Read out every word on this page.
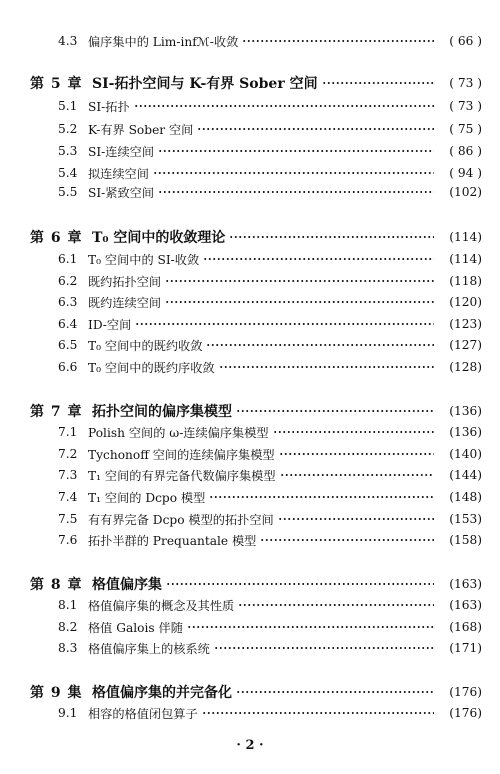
4.3 偏序集中的 Lim-infℳ-收敛	( 66 )
第 5 章 SI-拓扑空间与 K-有界 Sober 空间	( 73 )
5.1 SI-拓扑	( 73 )
5.2 K-有界 Sober 空间	( 75 )
5.3 SI-连续空间	( 86 )
5.4 拟连续空间	( 94 )
5.5 SI-紧致空间	(102)
第 6 章 T₀ 空间中的收敛理论	(114)
6.1 T₀ 空间中的 SI-收敛	(114)
6.2 既约拓扑空间	(118)
6.3 既约连续空间	(120)
6.4 ID-空间	(123)
6.5 T₀ 空间中的既约收敛	(127)
6.6 T₀ 空间中的既约序收敛	(128)
第 7 章 拓扑空间的偏序集模型	(136)
7.1 Polish 空间的 ω-连续偏序集模型	(136)
7.2 Tychonoff 空间的连续偏序集模型	(140)
7.3 T₁ 空间的有界完备代数偏序集模型	(144)
7.4 T₁ 空间的 Dcpo 模型	(148)
7.5 有有界完备 Dcpo 模型的拓扑空间	(153)
7.6 拓扑半群的 Prequantale 模型	(158)
第 8 章 格值偏序集	(163)
8.1 格值偏序集的概念及其性质	(163)
8.2 格值 Galois 伴随	(168)
8.3 格值偏序集上的核系统	(171)
第 9 集 格值偏序集的并完备化	(176)
9.1 相容的格值闭包算子	(176)
· 2 ·
